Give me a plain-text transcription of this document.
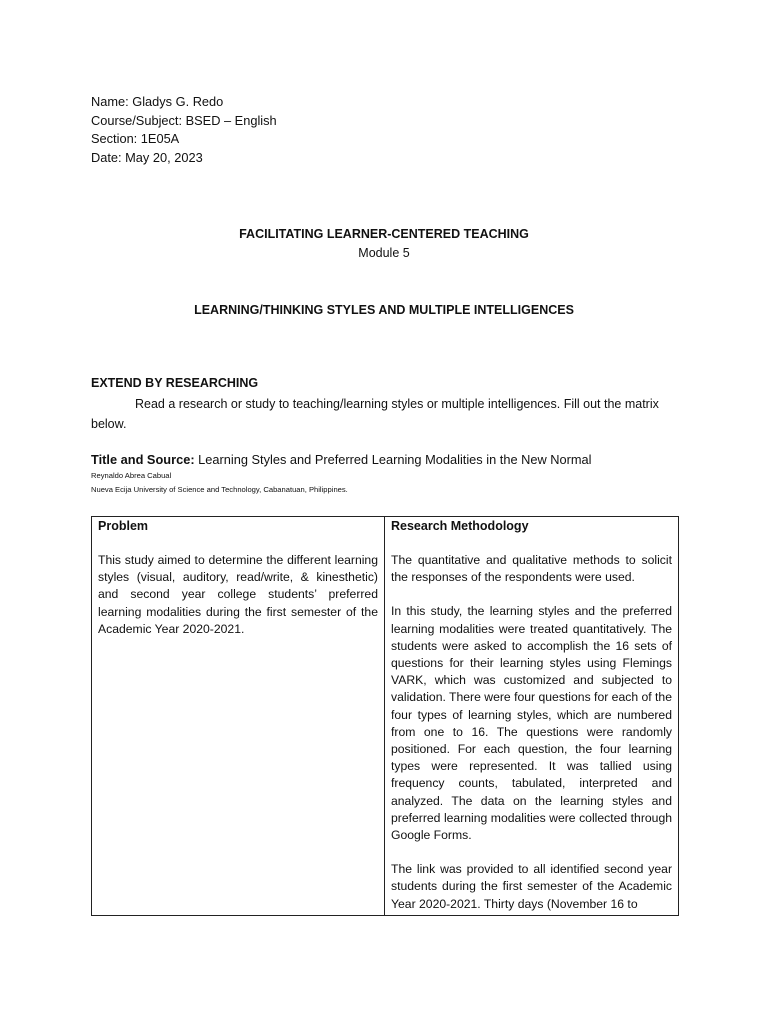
Name: Gladys G. Redo
Course/Subject: BSED – English
Section: 1E05A
Date: May 20, 2023
FACILITATING LEARNER-CENTERED TEACHING
Module 5
LEARNING/THINKING STYLES AND MULTIPLE INTELLIGENCES
EXTEND BY RESEARCHING
Read a research or study to teaching/learning styles or multiple intelligences. Fill out the matrix below.
Title and Source: Learning Styles and Preferred Learning Modalities in the New Normal
Reynaldo Abrea Cabual
Nueva Ecija University of Science and Technology, Cabanatuan, Philippines.
Problem

This study aimed to determine the different learning styles (visual, auditory, read/write, & kinesthetic) and second year college students’ preferred learning modalities during the first semester of the Academic Year 2020-2021.

Research Methodology

The quantitative and qualitative methods to solicit the responses of the respondents were used.

In this study, the learning styles and the preferred learning modalities were treated quantitatively. The students were asked to accomplish the 16 sets of questions for their learning styles using Flemings VARK, which was customized and subjected to validation. There were four questions for each of the four types of learning styles, which are numbered from one to 16. The questions were randomly positioned. For each question, the four learning types were represented. It was tallied using frequency counts, tabulated, interpreted and analyzed. The data on the learning styles and preferred learning modalities were collected through Google Forms.

The link was provided to all identified second year students during the first semester of the Academic Year 2020-2021. Thirty days (November 16 to
